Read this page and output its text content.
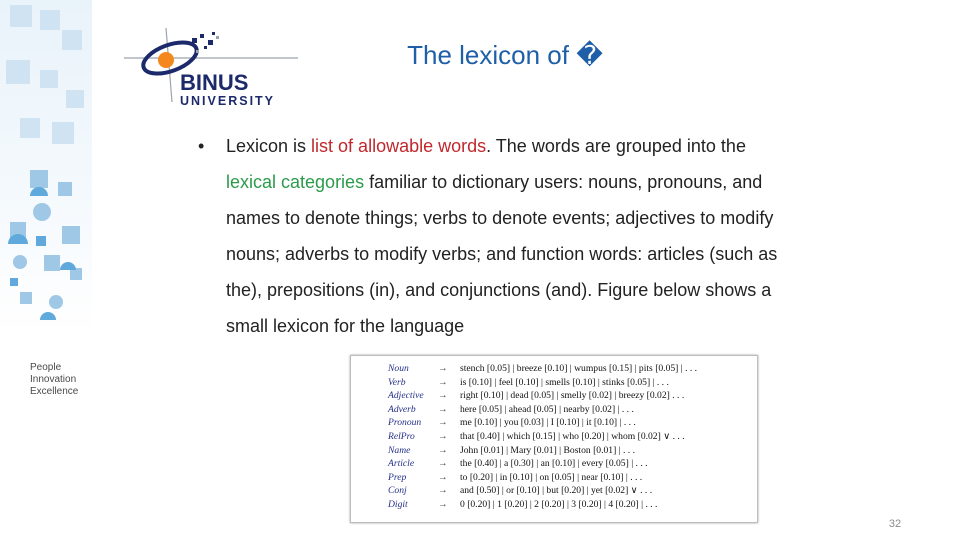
People
Innovation
Excellence
BINUS
UNIVERSITY
The lexicon of �
• Lexicon is list of allowable words. The words are grouped into the lexical categories familiar to dictionary users: nouns, pronouns, and names to denote things; verbs to denote events; adjectives to modify nouns; adverbs to modify verbs; and function words: articles (such as the), prepositions (in), and conjunctions (and). Figure below shows a small lexicon for the language
Noun	→ stench [0.05] | breeze [0.10] | wumpus [0.15] | pits [0.05] | . . .
Verb	→ is [0.10] | feel [0.10] | smells [0.10] | stinks [0.05] | . . .
Adjective → right [0.10] | dead [0.05] | smelly [0.02] | breezy [0.02] . . .
Adverb → here [0.05] | ahead [0.05] | nearby [0.02] | . . .
Pronoun → me [0.10] | you [0.03] | I [0.10] | it [0.10] | . . .
RelPro → that [0.40] | which [0.15] | who [0.20] | whom [0.02] ∨ . . .
Name	→ John [0.01] | Mary [0.01] | Boston [0.01] | . . .
Article → the [0.40] | a [0.30] | an [0.10] | every [0.05] | . . .
Prep	→ to [0.20] | in [0.10] | on [0.05] | near [0.10] | . . .
Conj	→ and [0.50] | or [0.10] | but [0.20] | yet [0.02] ∨ . . .
Digit	→ 0 [0.20] | 1 [0.20] | 2 [0.20] | 3 [0.20] | 4 [0.20] | . . .
32
